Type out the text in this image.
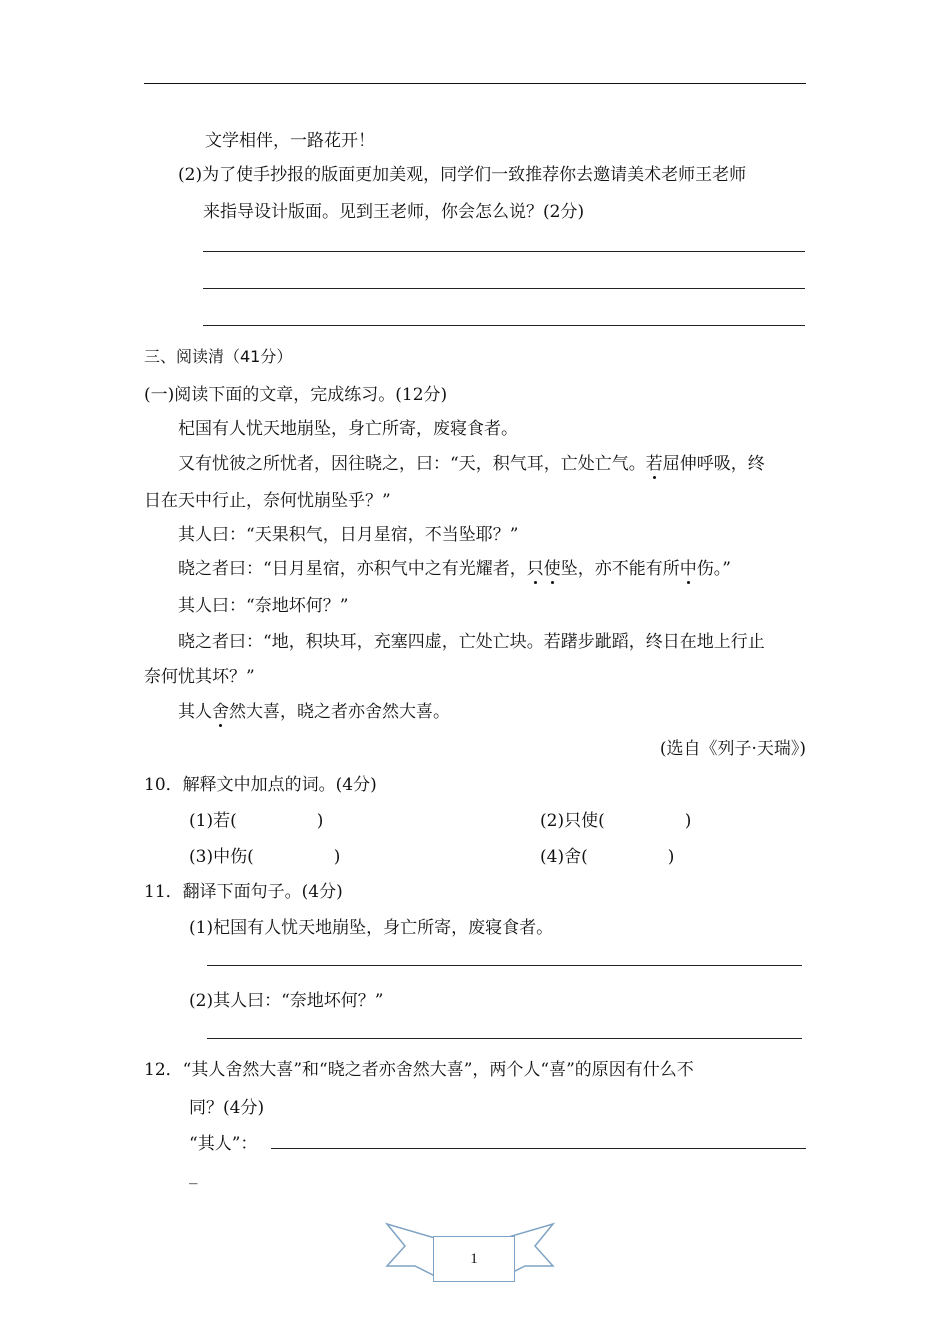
文学相伴，一路花开！
(2)为了使手抄报的版面更加美观，同学们一致推荐你去邀请美术老师王老师
来指导设计版面。见到王老师，你会怎么说？(2分)
三、阅读清（41分）
(一)阅读下面的文章，完成练习。(12分)
杞国有人忧天地崩坠，身亡所寄，废寝食者。
又有忧彼之所忧者，因往晓之，曰：“天，积气耳，亡处亡气。若屈伸呼吸，终
日在天中行止，奈何忧崩坠乎？”
其人曰：“天果积气，日月星宿，不当坠耶？”
晓之者曰：“日月星宿，亦积气中之有光耀者，只使坠，亦不能有所中伤。”
其人曰：“奈地坏何？”
晓之者曰：“地，积块耳，充塞四虚，亡处亡块。若躇步跐蹈，终日在地上行止
奈何忧其坏？”
其人舍然大喜，晓之者亦舍然大喜。
(选自《列子·天瑞》)
10．解释文中加点的词。(4分)
(1)若(	)	(2)只使(	)
(3)中伤(	)	(4)舍(	)
11．翻译下面句子。(4分)
(1)杞国有人忧天地崩坠，身亡所寄，废寝食者。
(2)其人曰：“奈地坏何？”
12．“其人舍然大喜”和“晓之者亦舍然大喜”，两个人“喜”的原因有什么不
同？(4分)
“其人”：
_
1
